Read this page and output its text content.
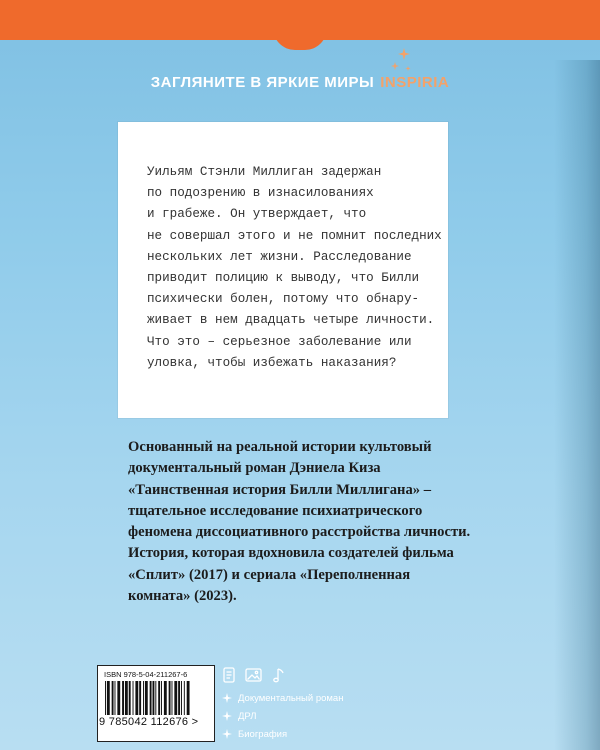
ЗАГЛЯНИТЕ В ЯРКИЕ МИРЫ INSPIRIA
Уильям Стэнли Миллиган задержан
по подозрению в изнасилованиях
и грабеже. Он утверждает, что
не совершал этого и не помнит последних
нескольких лет жизни. Расследование
приводит полицию к выводу, что Билли
психически болен, потому что обнару-
живает в нем двадцать четыре личности.
Что это – серьезное заболевание или
уловка, чтобы избежать наказания?
Основанный на реальной истории культовый
документальный роман Дэниела Киза
«Таинственная история Билли Миллигана» –
тщательное исследование психиатрического
феномена диссоциативного расстройства личности.
История, которая вдохновила создателей фильма
«Сплит» (2017) и сериала «Переполненная
комната» (2023).
ISBN 978-5-04-211267-6
9 785042 112676 >
Документальный роман
ДРЛ
Биография
